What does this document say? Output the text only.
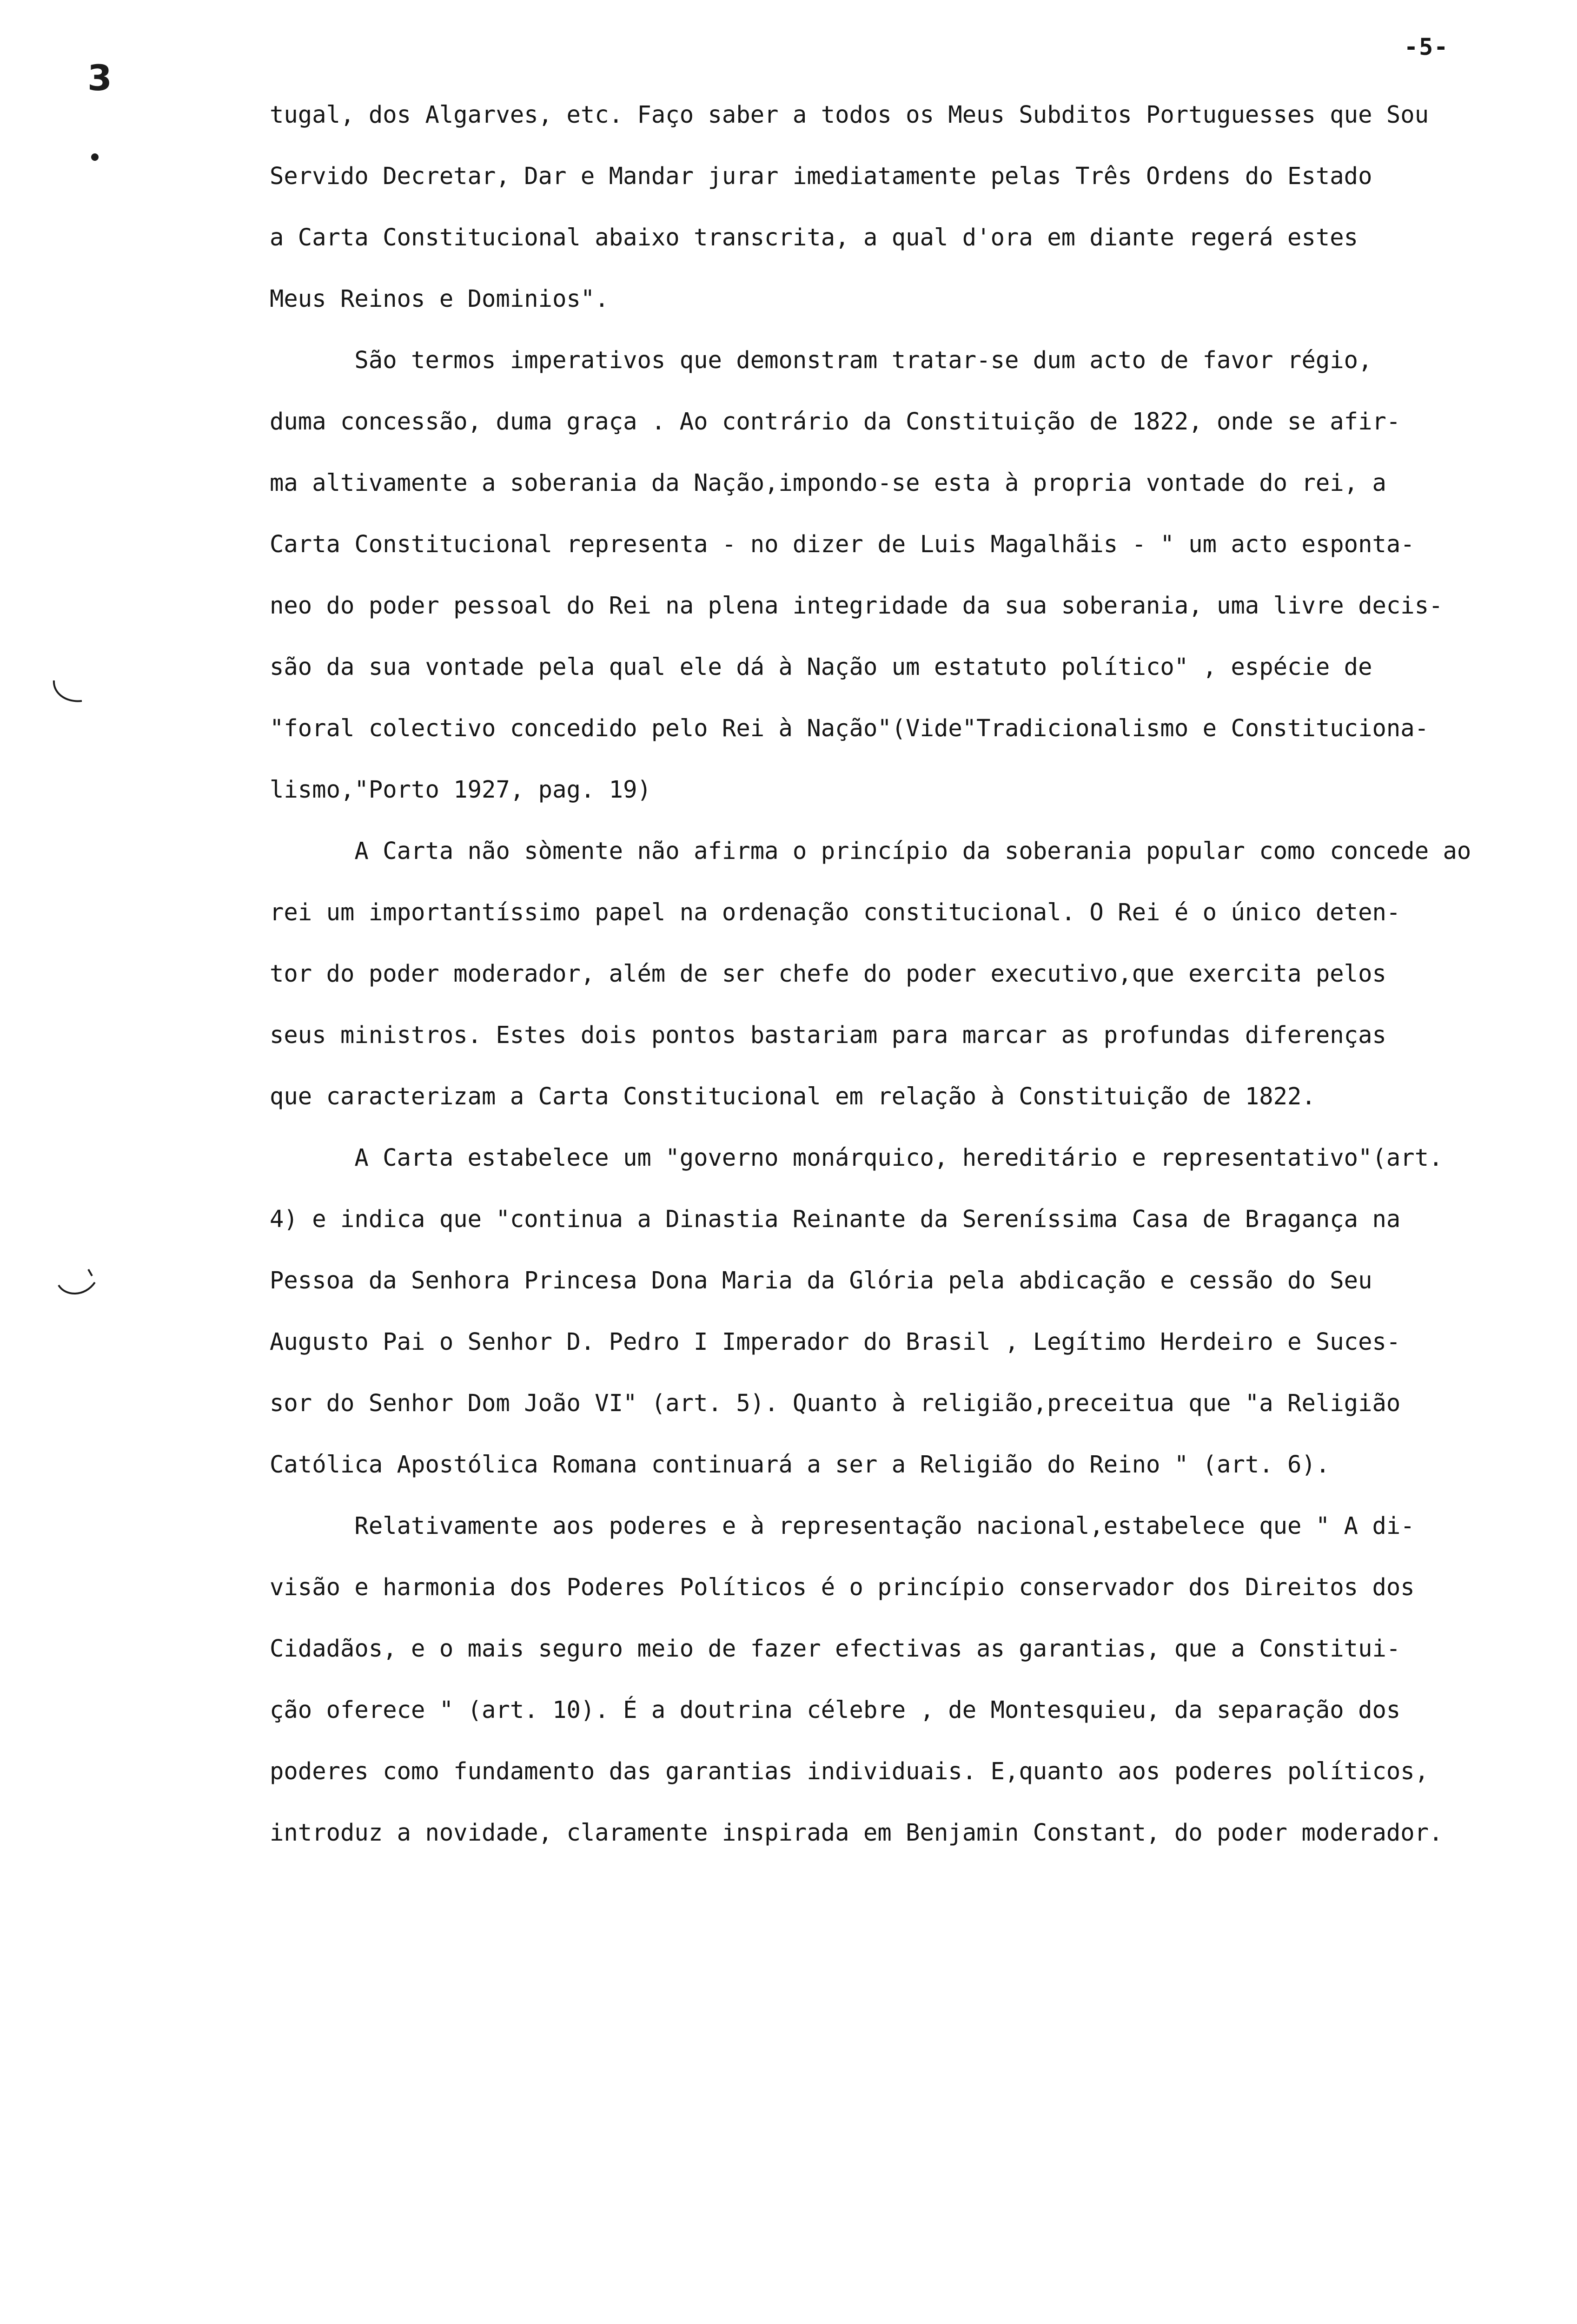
-5-
3
tugal, dos Algarves, etc. Faço saber a todos os Meus Subditos Portuguesses que Sou
Servido Decretar, Dar e Mandar jurar imediatamente pelas Três Ordens do Estado
a Carta Constitucional abaixo transcrita, a qual d'ora em diante regerá estes
Meus Reinos e Dominios".
São termos imperativos que demonstram tratar-se dum acto de favor régio,
duma concessão, duma graça . Ao contrário da Constituição de 1822, onde se afir-
ma altivamente a soberania da Nação,impondo-se esta à propria vontade do rei, a
Carta Constitucional representa - no dizer de Luis Magalhãis - " um acto esponta-
neo do poder pessoal do Rei na plena integridade da sua soberania, uma livre decis-
são da sua vontade pela qual ele dá à Nação um estatuto político" , espécie de
"foral colectivo concedido pelo Rei à Nação"(Vide"Tradicionalismo e Constituciona-
lismo,"Porto 1927, pag. 19)
A Carta não sòmente não afirma o princípio da soberania popular como concede ao
rei um importantíssimo papel na ordenação constitucional. O Rei é o único deten-
tor do poder moderador, além de ser chefe do poder executivo,que exercita pelos
seus ministros. Estes dois pontos bastariam para marcar as profundas diferenças
que caracterizam a Carta Constitucional em relação à Constituição de 1822.
A Carta estabelece um "governo monárquico, hereditário e representativo"(art.
4) e indica que "continua a Dinastia Reinante da Sereníssima Casa de Bragança na
Pessoa da Senhora Princesa Dona Maria da Glória pela abdicação e cessão do Seu
Augusto Pai o Senhor D. Pedro I Imperador do Brasil , Legítimo Herdeiro e Suces-
sor do Senhor Dom João VI" (art. 5). Quanto à religião,preceitua que "a Religião
Católica Apostólica Romana continuará a ser a Religião do Reino " (art. 6).
Relativamente aos poderes e à representação nacional,estabelece que " A di-
visão e harmonia dos Poderes Políticos é o princípio conservador dos Direitos dos
Cidadãos, e o mais seguro meio de fazer efectivas as garantias, que a Constitui-
ção oferece " (art. 10). É a doutrina célebre , de Montesquieu, da separação dos
poderes como fundamento das garantias individuais. E,quanto aos poderes políticos,
introduz a novidade, claramente inspirada em Benjamin Constant, do poder moderador.
